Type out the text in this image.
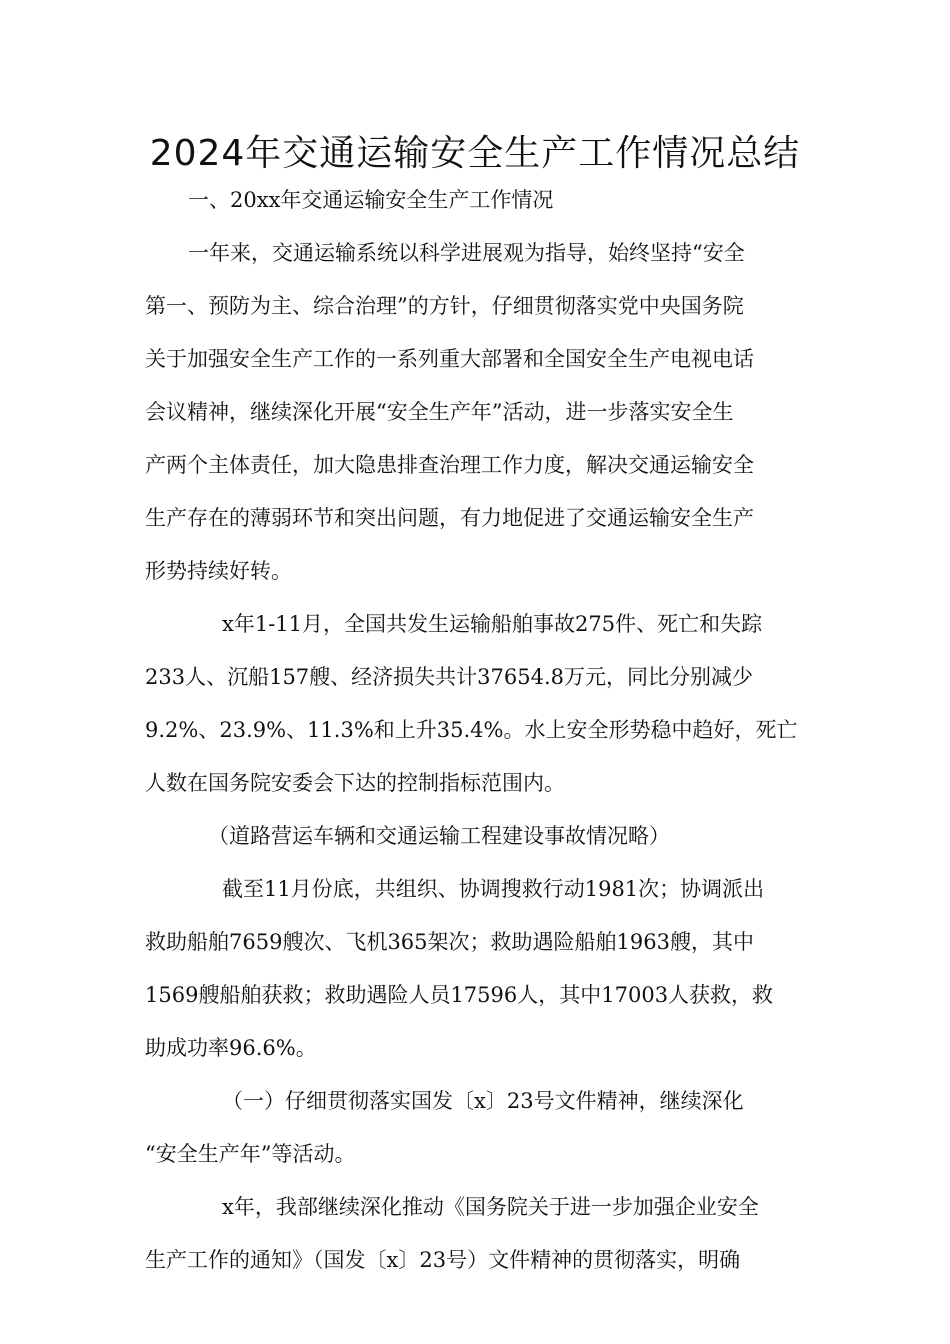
2024年交通运输安全生产工作情况总结

一、20xx年交通运输安全生产工作情况

一年来，交通运输系统以科学进展观为指导，始终坚持“安全

第一、预防为主、综合治理”的方针，仔细贯彻落实党中央国务院

关于加强安全生产工作的一系列重大部署和全国安全生产电视电话

会议精神，继续深化开展“安全生产年”活动，进一步落实安全生

产两个主体责任，加大隐患排查治理工作力度，解决交通运输安全

生产存在的薄弱环节和突出问题，有力地促进了交通运输安全生产

形势持续好转。

x年1-11月，全国共发生运输船舶事故275件、死亡和失踪

233人、沉船157艘、经济损失共计37654.8万元，同比分别减少

9.2%、23.9%、11.3%和上升35.4%。水上安全形势稳中趋好，死亡

人数在国务院安委会下达的控制指标范围内。

（道路营运车辆和交通运输工程建设事故情况略）

截至11月份底，共组织、协调搜救行动1981次；协调派出

救助船舶7659艘次、飞机365架次；救助遇险船舶1963艘，其中

1569艘船舶获救；救助遇险人员17596人，其中17003人获救，救

助成功率96.6%。

（一）仔细贯彻落实国发〔x〕23号文件精神，继续深化

“安全生产年”等活动。

x年，我部继续深化推动《国务院关于进一步加强企业安全

生产工作的通知》（国发〔x〕23号）文件精神的贯彻落实，明确
